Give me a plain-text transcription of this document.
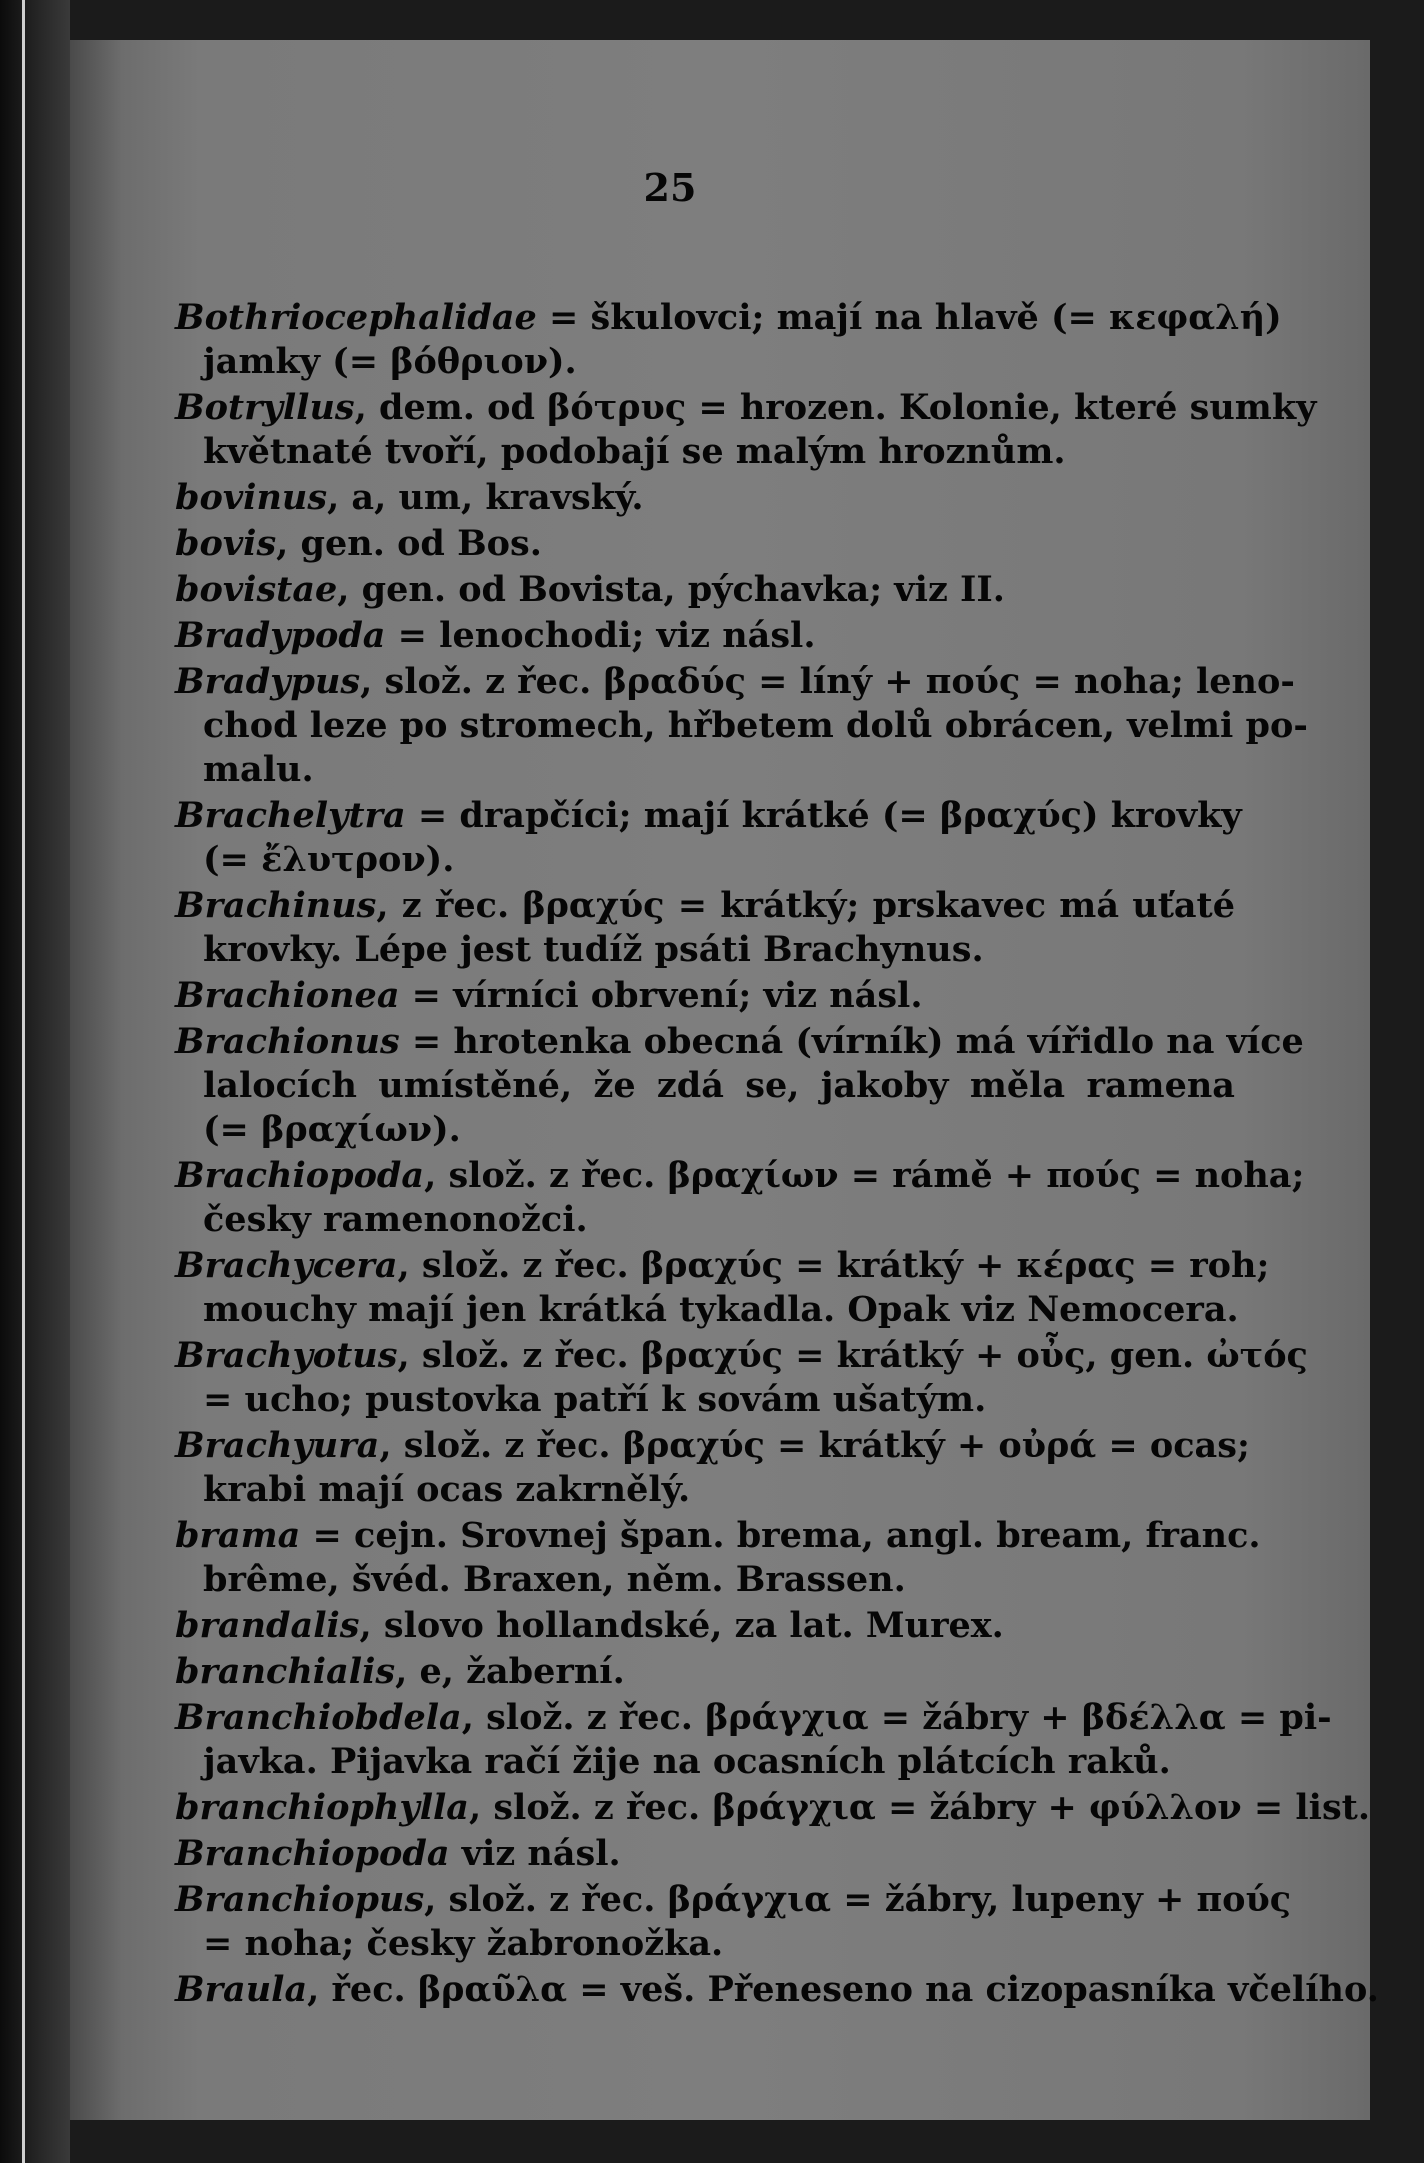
25
Bothriocephalidae = škulovci; mají na hlavě (= κεφαλή)
jamky (= βόθριον).
Botryllus, dem. od βότρυς = hrozen. Kolonie, které sumky
květnaté tvoří, podobají se malým hroznům.
bovinus, a, um, kravský.
bovis, gen. od Bos.
bovistae, gen. od Bovista, pýchavka; viz II.
Bradypoda = lenochodi; viz násl.
Bradypus, slož. z řec. βραδύς = líný + πούς = noha; leno-
chod leze po stromech, hřbetem dolů obrácen, velmi po-
malu.
Brachelytra = drapčíci; mají krátké (= βραχύς) krovky
(= ἔλυτρον).
Brachinus, z řec. βραχύς = krátký; prskavec má uťaté
krovky. Lépe jest tudíž psáti Brachynus.
Brachionea = vírníci obrvení; viz násl.
Brachionus = hrotenka obecná (vírník) má vířidlo na více
lalocích umístěné, že zdá se, jakoby měla ramena
(= βραχίων).
Brachiopoda, slož. z řec. βραχίων = rámě + πούς = noha;
česky ramenonožci.
Brachycera, slož. z řec. βραχύς = krátký + κέρας = roh;
mouchy mají jen krátká tykadla. Opak viz Nemocera.
Brachyotus, slož. z řec. βραχύς = krátký + οὖς, gen. ὠτός
= ucho; pustovka patří k sovám ušatým.
Brachyura, slož. z řec. βραχύς = krátký + οὐρά = ocas;
krabi mají ocas zakrnělý.
brama = cejn. Srovnej špan. brema, angl. bream, franc.
brême, švéd. Braxen, něm. Brassen.
brandalis, slovo hollandské, za lat. Murex.
branchialis, e, žaberní.
Branchiobdela, slož. z řec. βράγχια = žábry + βδέλλα = pi-
javka. Pijavka račí žije na ocasních plátcích raků.
branchiophylla, slož. z řec. βράγχια = žábry + φύλλον = list.
Branchiopoda viz násl.
Branchiopus, slož. z řec. βράγχια = žábry, lupeny + πούς
= noha; česky žabronožka.
Braula, řec. βραῦλα = veš. Přeneseno na cizopasníka včelího.
